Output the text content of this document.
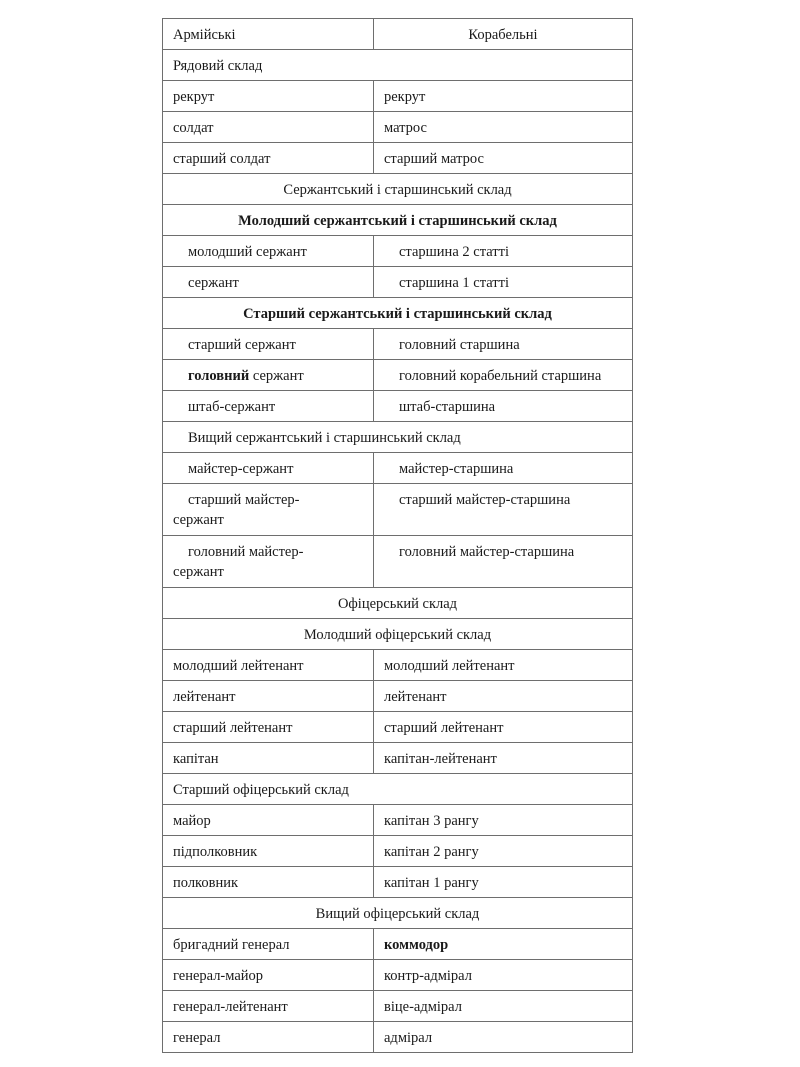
Армійські	Корабельні
Рядовий склад	
рекрут	рекрут
солдат	матрос
старший солдат	старший матрос
Сержантський і старшинський склад	
Молодший сержантський і старшинський склад	
молодший сержант	старшина 2 статті
сержант	старшина 1 статті
Старший сержантський і старшинський склад	
старший сержант	головний старшина
головний сержант	головний корабельний старшина
штаб-сержант	штаб-старшина
Вищий сержантський і старшинський склад	
майстер-сержант	майстер-старшина
старший майстер-
сержант	старший майстер-старшина
головний майстер-
сержант	головний майстер-старшина
Офіцерський склад	
Молодший офіцерський склад	
молодший лейтенант	молодший лейтенант
лейтенант	лейтенант
старший лейтенант	старший лейтенант
капітан	капітан-лейтенант
Старший офіцерський склад	
майор	капітан 3 рангу
підполковник	капітан 2 рангу
полковник	капітан 1 рангу
Вищий офіцерський склад	
бригадний генерал	коммодор
генерал-майор	контр-адмірал
генерал-лейтенант	віце-адмірал
генерал	адмірал
